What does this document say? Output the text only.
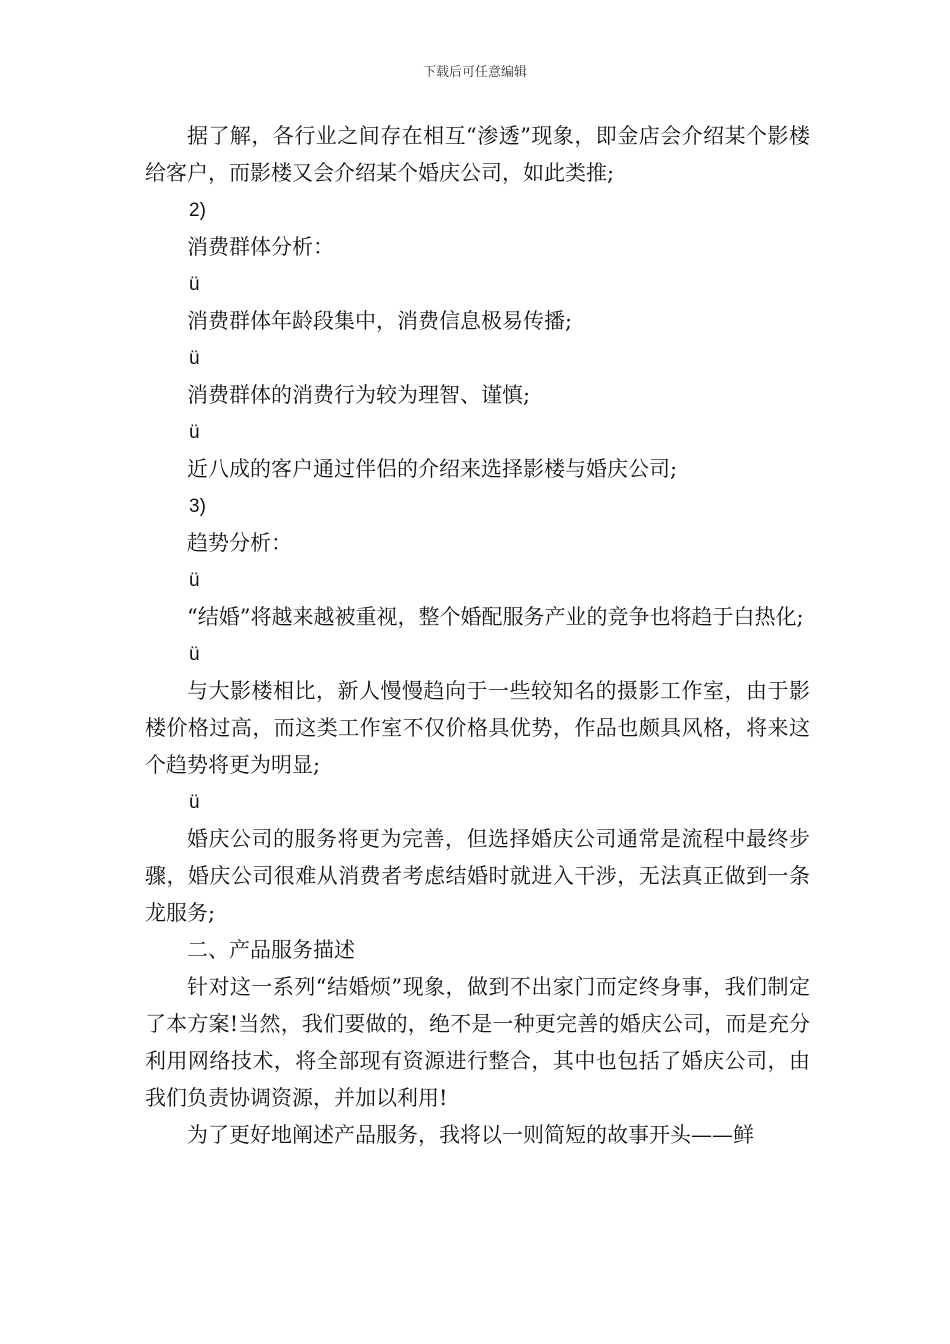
下载后可任意编辑

据了解，各行业之间存在相互“渗透”现象，即金店会介绍某个影楼给客户，而影楼又会介绍某个婚庆公司，如此类推;

2)

消费群体分析：

ü

消费群体年龄段集中，消费信息极易传播;

ü

消费群体的消费行为较为理智、谨慎;

ü

近八成的客户通过伴侣的介绍来选择影楼与婚庆公司;

3)

趋势分析：

ü

“结婚”将越来越被重视，整个婚配服务产业的竞争也将趋于白热化;

ü

与大影楼相比，新人慢慢趋向于一些较知名的摄影工作室，由于影楼价格过高，而这类工作室不仅价格具优势，作品也颇具风格，将来这个趋势将更为明显;

ü

婚庆公司的服务将更为完善，但选择婚庆公司通常是流程中最终步骤，婚庆公司很难从消费者考虑结婚时就进入干涉，无法真正做到一条龙服务;

二、产品服务描述

针对这一系列“结婚烦”现象，做到不出家门而定终身事，我们制定了本方案!当然，我们要做的，绝不是一种更完善的婚庆公司，而是充分利用网络技术，将全部现有资源进行整合，其中也包括了婚庆公司，由我们负责协调资源，并加以利用!

为了更好地阐述产品服务，我将以一则简短的故事开头——鲜
